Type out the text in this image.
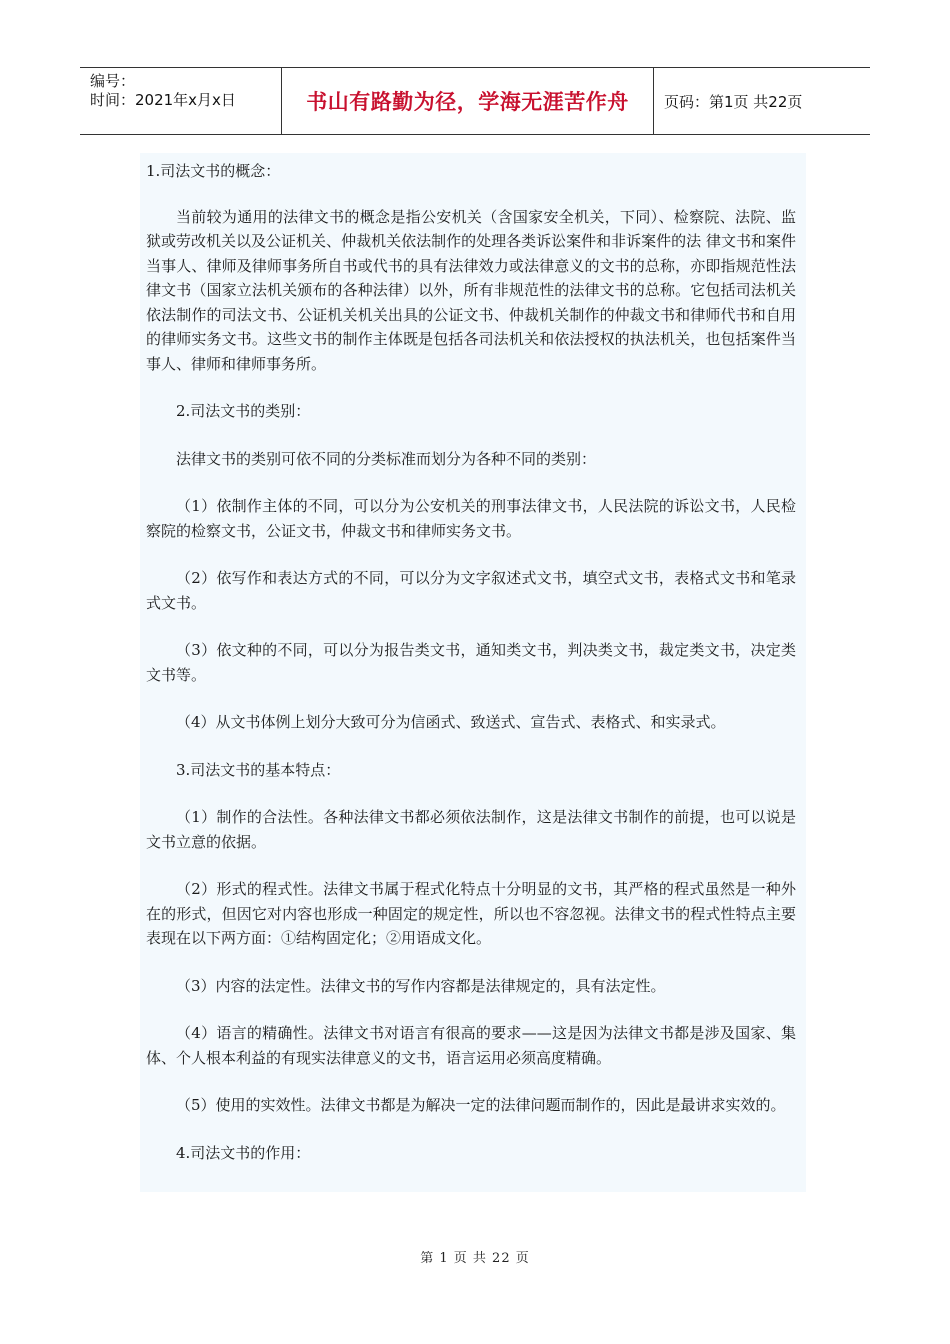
编号：
时间：2021年x月x日	书山有路勤为径，学海无涯苦作舟	页码：第1页 共22页

1.司法文书的概念：

当前较为通用的法律文书的概念是指公安机关（含国家安全机关，下同）、检察院、法院、监狱或劳改机关以及公证机关、仲裁机关依法制作的处理各类诉讼案件和非诉案件的法 律文书和案件当事人、律师及律师事务所自书或代书的具有法律效力或法律意义的文书的总称，亦即指规范性法律文书（国家立法机关颁布的各种法律）以外，所有非规范性的法律文书的总称。它包括司法机关依法制作的司法文书、公证机关机关出具的公证文书、仲裁机关制作的仲裁文书和律师代书和自用的律师实务文书。这些文书的制作主体既是包括各司法机关和依法授权的执法机关，也包括案件当事人、律师和律师事务所。

2.司法文书的类别：

法律文书的类别可依不同的分类标准而划分为各种不同的类别：

（1）依制作主体的不同，可以分为公安机关的刑事法律文书，人民法院的诉讼文书，人民检察院的检察文书，公证文书，仲裁文书和律师实务文书。

（2）依写作和表达方式的不同，可以分为文字叙述式文书，填空式文书，表格式文书和笔录式文书。

（3）依文种的不同，可以分为报告类文书，通知类文书，判决类文书，裁定类文书，决定类文书等。

（4）从文书体例上划分大致可分为信函式、致送式、宣告式、表格式、和实录式。

3.司法文书的基本特点：

（1）制作的合法性。各种法律文书都必须依法制作，这是法律文书制作的前提，也可以说是文书立意的依据。

（2）形式的程式性。法律文书属于程式化特点十分明显的文书，其严格的程式虽然是一种外在的形式，但因它对内容也形成一种固定的规定性，所以也不容忽视。法律文书的程式性特点主要表现在以下两方面：①结构固定化；②用语成文化。

（3）内容的法定性。法律文书的写作内容都是法律规定的，具有法定性。

（4）语言的精确性。法律文书对语言有很高的要求——这是因为法律文书都是涉及国家、集体、个人根本利益的有现实法律意义的文书，语言运用必须高度精确。

（5）使用的实效性。法律文书都是为解决一定的法律问题而制作的，因此是最讲求实效的。

4.司法文书的作用：

第 1 页 共 22 页
